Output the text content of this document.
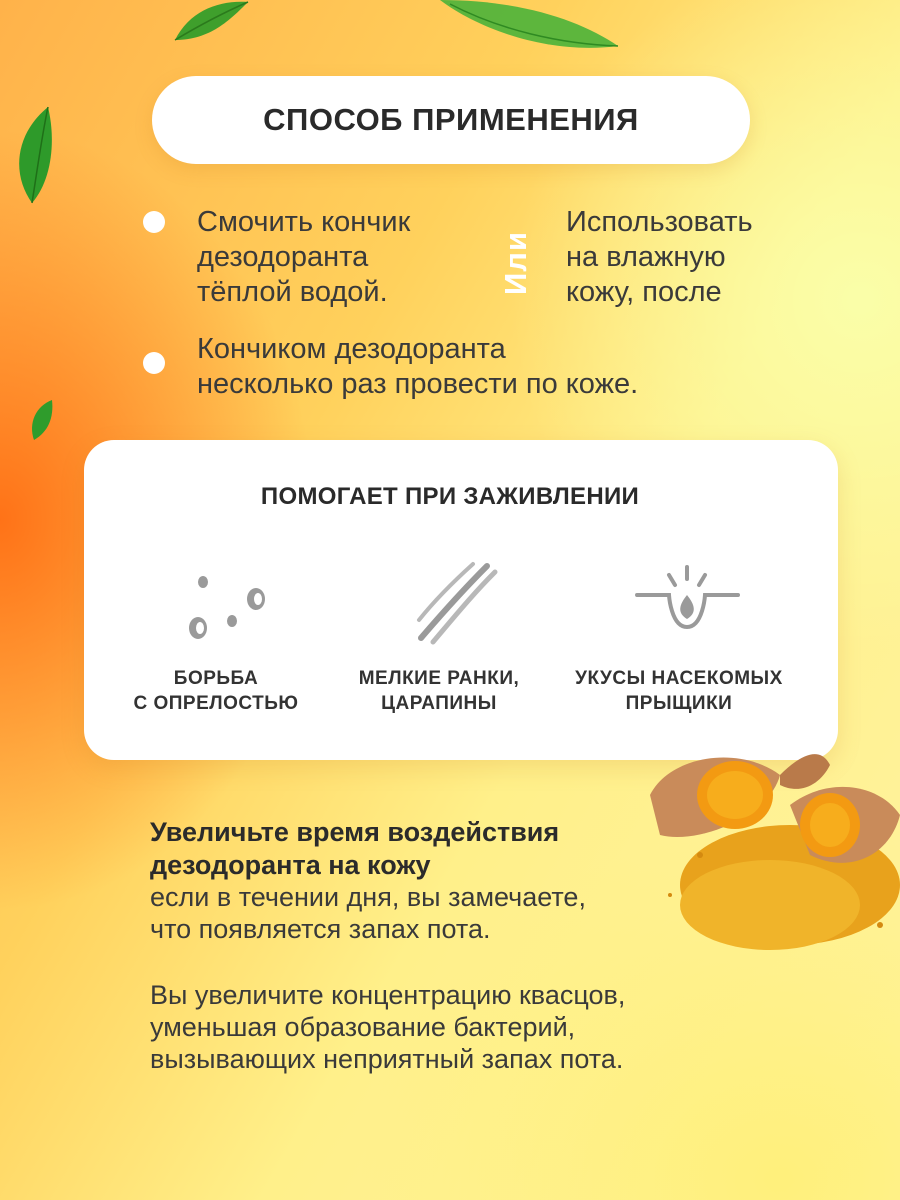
СПОСОБ ПРИМЕНЕНИЯ
Смочить кончик
дезодоранта
тёплой водой.	Или
Использовать
на влажную
кожу, после
Кончиком дезодоранта
несколько раз провести по коже.
ПОМОГАЕТ ПРИ ЗАЖИВЛЕНИИ
БОРЬБА
С ОПРЕЛОСТЬЮ
МЕЛКИЕ РАНКИ,
ЦАРАПИНЫ
УКУСЫ НАСЕКОМЫХ
ПРЫЩИКИ
Увеличьте время воздействия
дезодоранта на кожу
если в течении дня, вы замечаете,
что появляется запах пота.
Вы увеличите концентрацию квасцов,
уменьшая образование бактерий,
вызывающих неприятный запах пота.
